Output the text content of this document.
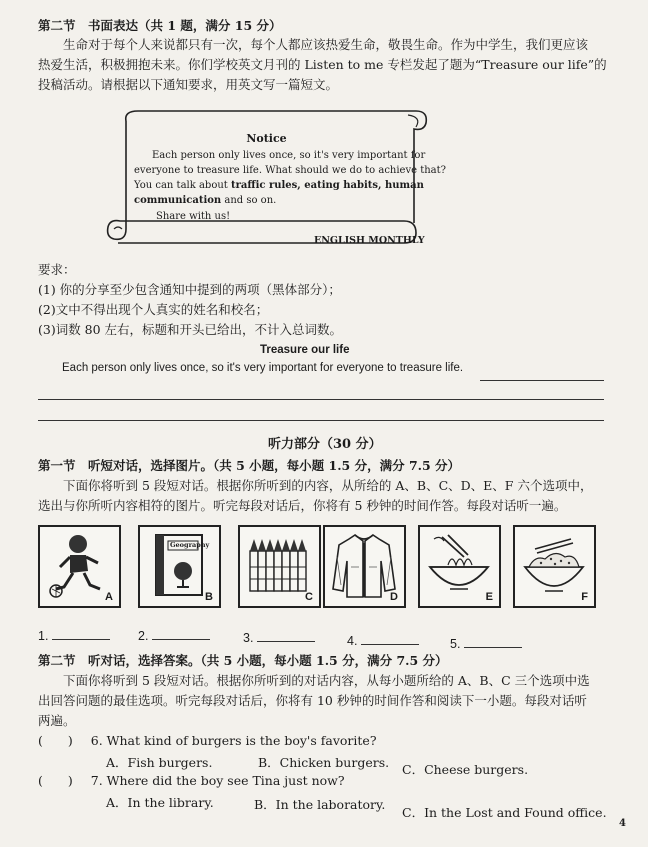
第二节　书面表达（共 1 题，满分 15 分）
生命对于每个人来说都只有一次，每个人都应该热爱生命，敬畏生命。作为中学生，我们更应该
热爱生活，积极拥抱未来。你们学校英文月刊的 Listen to me 专栏发起了题为“Treasure our life”的
投稿活动。请根据以下通知要求，用英文写一篇短文。
Notice
Each person only lives once, so it's very important for
everyone to treasure life. What should we do to achieve that?
You can talk about traffic rules, eating habits, human
communication and so on.
Share with us!
ENGLISH MONTHLY
要求：
(1) 你的分享至少包含通知中提到的两项（黑体部分）；
(2)文中不得出现个人真实的姓名和校名；
(3)词数 80 左右，标题和开头已给出，不计入总词数。
Treasure our life
Each person only lives once, so it's very important for everyone to treasure life.
听力部分（30 分）
第一节　听短对话，选择图片。（共 5 小题，每小题 1.5 分，满分 7.5 分）
下面你将听到 5 段短对话。根据你所听到的内容，从所给的 A、B、C、D、E、F 六个选项中，
选出与你所听内容相符的图片。听完每段对话后，你将有 5 秒钟的时间作答。每段对话听一遍。
A
Geography
B	C	D	E	F
1.	2.	3.	4.	5.
第二节　听对话，选择答案。（共 5 小题，每小题 1.5 分，满分 7.5 分）
下面你将听到 5 段短对话。根据你所听到的对话内容，从每小题所给的 A、B、C 三个选项中选
出回答问题的最佳选项。听完每段对话后，你将有 10 秒钟的时间作答和阅读下一小题。每段对话听
两遍。
(　　) 6. What kind of burgers is the boy's favorite?
A．Fish burgers.	B．Chicken burgers. C．Cheese burgers.
(　　) 7. Where did the boy see Tina just now?
A．In the library.	B．In the laboratory.
C．In the Lost and Found office.
4
